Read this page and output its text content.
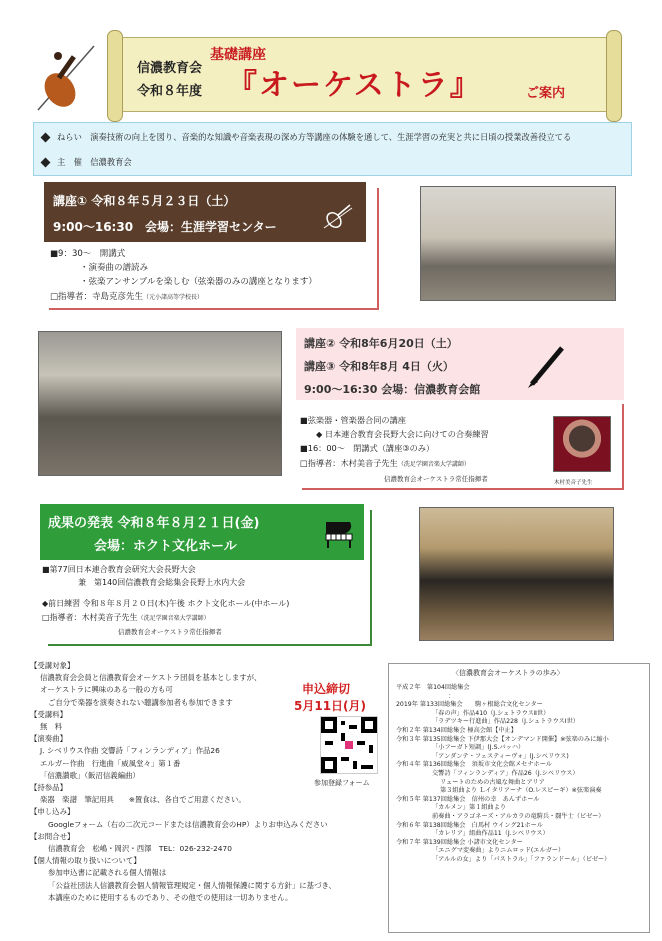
信濃教育会
基礎講座
令和８年度 『オーケストラ』	ご案内
ねらい　 演奏技術の向上を図り、音楽的な知識や音楽表現の深め方等講座の体験を通して、生涯学習の充実と共に日頃の授業改善役立てる
主　催　 信濃教育会
講座① 令和８年５月２３日（土）
9:00～16:30　会場：生涯学習センター
■9：30～　開講式
・演奏曲の譜読み
・弦楽アンサンブルを楽しむ（弦楽器のみの講座となります）
□指導者：寺島克彦先生（元小諸高等学校長）
講座② 令和8年6月20日（土）
講座③ 令和8年8月 4日（火）
9:00～16:30 会場：信濃教育会館
■弦楽器・管楽器合同の講座
◆ 日本連合教育会長野大会に向けての合奏練習
■16：00～　閉講式（講座③のみ）
□指導者：木村美音子先生（洗足学園音楽大学講師）
信濃教育会オーケストラ常任指揮者	木村美音子先生
成果の発表 令和８年８月２１日(金)
会場：ホクト文化ホール
■第77回日本連合教育会研究大会長野大会
兼　第140回信濃教育会総集会長野上水内大会
◆前日練習 令和８年８月２０日(木)午後 ホクト文化ホール(中ホール)
□指導者：木村美音子先生（洗足学園音楽大学講師）
信濃教育会オーケストラ常任指揮者
【受講対象】
信濃教育会会員と信濃教育会オーケストラ団員を基本としますが、
オーケストラに興味のある一般の方も可
ご自分で楽器を演奏されない聴講参加者も参加できます
【受講料】
無　料
【演奏曲】
J. シベリウス作曲 交響詩「フィンランディア」作品26
エルガー作曲　行進曲「威風堂々」第１番
「信濃讃歌」（飯沼信義編曲）
【持参品】
楽器　楽譜　筆記用具　　※置食は、各自でご用意ください。
【申し込み】
Googleフォーム（右の二次元コードまたは信濃教育会のHP）よりお申込みください
【お問合せ】
信濃教育会　松嶋・岡沢・西澤　TEL：026-232-2470
【個人情報の取り扱いについて】
参加申込書に記載される個人情報は
「公益社団法人信濃教育会個人情報管理規定・個人情報保護に関する方針」に基づき、
本講座のために使用するものであり、その他での使用は一切ありません。
申込締切
5月11日(月)
参加登録フォーム
〈信濃教育会オーケストラの歩み〉
平成２年　第104回総集会
：
2019年 第133回総集会　　駒ヶ根総合文化センター
「春の声」作品410（J.シュトラウスⅡ世）
「ラデツキー行進曲」作品228（J.シュトラウスⅠ世）
令和２年 第134回総集会 極高会館【中止】
令和３年 第135回総集会 下伊那大会【オンデマンド開催】※弦楽のみに縮小
「小フーガト短調」(J.S.バッハ）
「アンダンテ・フェスティーヴォ」(J.シベリウス)
令和４年 第136回総集会　須坂市文化会館メセナホール
交響詩「フィンランディア」作品26（J.シベリウス）
リュートのための古風な舞曲とアリア
第３組曲より Ｌイタリアーナ（O.レスピーギ）※弦楽演奏
令和５年 第137回総集会　信州の幸　あんずホール
「カルメン」第１組曲より
前奏曲・アラゴネーズ・アルカラの竜騎兵・闘牛士（ビゼー）
令和６年 第138回総集会　白馬村 ウイング21ホール
「カレリア」組曲作品11（J.シベリウス）
令和７年 第139回総集会 小諸市文化センター
「エニグマ変奏曲」よりニムロッド(エルガー）
「アルルの女」より「パストラル」「ファランドール」（ビゼー）
